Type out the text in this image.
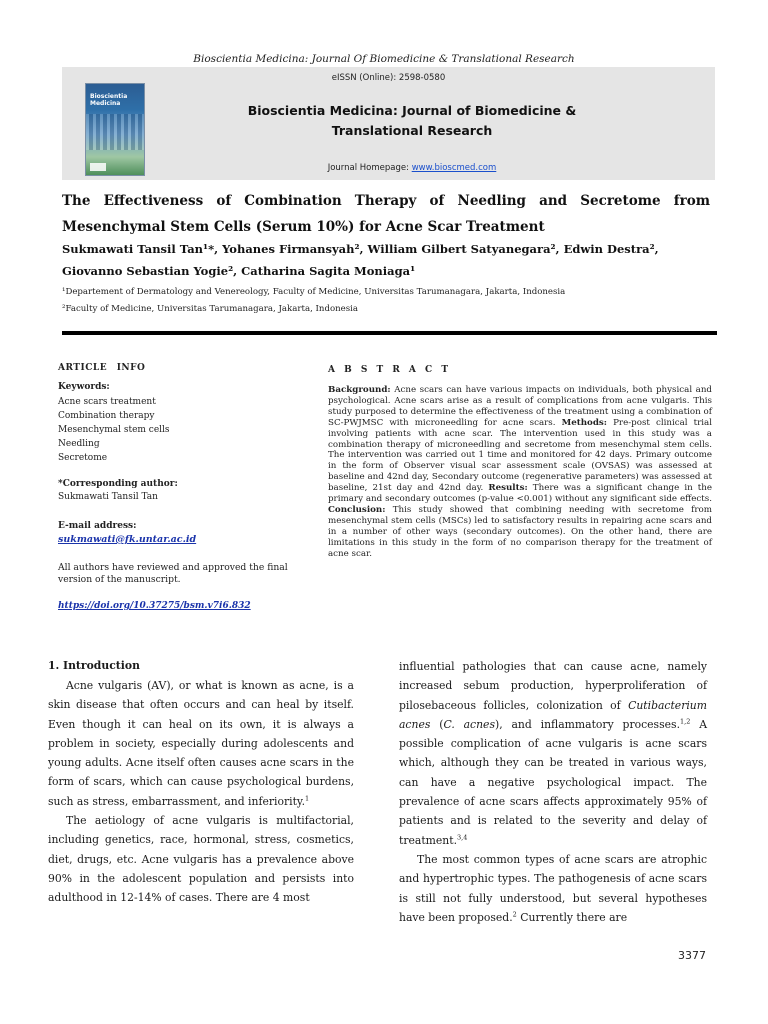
Bioscientia Medicina: Journal Of Biomedicine & Translational Research
eISSN (Online): 2598-0580
Bioscientia Medicina	Bioscientia Medicina: Journal of Biomedicine &
Translational Research
Journal Homepage: www.bioscmed.com
The Effectiveness of Combination Therapy of Needling and Secretome from Mesenchymal Stem Cells (Serum 10%) for Acne Scar Treatment
Sukmawati Tansil Tan¹*, Yohanes Firmansyah², William Gilbert Satyanegara², Edwin Destra²,
Giovanno Sebastian Yogie², Catharina Sagita Moniaga¹
¹Departement of Dermatology and Venereology, Faculty of Medicine, Universitas Tarumanagara, Jakarta, Indonesia
²Faculty of Medicine, Universitas Tarumanagara, Jakarta, Indonesia
ARTICLE INFO
Keywords:
Acne scars treatment
Combination therapy
Mesenchymal stem cells
Needling
Secretome
*Corresponding author:
Sukmawati Tansil Tan
E-mail address:
sukmawati@fk.untar.ac.id
All authors have reviewed and approved the final version of the manuscript.
https://doi.org/10.37275/bsm.v7i6.832
A B S T R A C T
Background: Acne scars can have various impacts on individuals, both physical and psychological. Acne scars arise as a result of complications from acne vulgaris. This study purposed to determine the effectiveness of the treatment using a combination of SC-PWJMSC with microneedling for acne scars. Methods: Pre-post clinical trial involving patients with acne scar. The intervention used in this study was a combination therapy of microneedling and secretome from mesenchymal stem cells. The intervention was carried out 1 time and monitored for 42 days. Primary outcome in the form of Observer visual scar assessment scale (OVSAS) was assessed at baseline and 42nd day, Secondary outcome (regenerative parameters) was assessed at baseline, 21st day and 42nd day. Results: There was a significant change in the primary and secondary outcomes (p-value <0.001) without any significant side effects. Conclusion: This study showed that combining needing with secretome from mesenchymal stem cells (MSCs) led to satisfactory results in repairing acne scars and in a number of other ways (secondary outcomes). On the other hand, there are limitations in this study in the form of no comparison therapy for the treatment of acne scar.
1. Introduction
Acne vulgaris (AV), or what is known as acne, is a skin disease that often occurs and can heal by itself. Even though it can heal on its own, it is always a problem in society, especially during adolescents and young adults. Acne itself often causes acne scars in the form of scars, which can cause psychological burdens, such as stress, embarrassment, and inferiority.$^1$
The aetiology of acne vulgaris is multifactorial, including genetics, race, hormonal, stress, cosmetics, diet, drugs, etc. Acne vulgaris has a prevalence above 90% in the adolescent population and persists into adulthood in 12-14% of cases. There are 4 most
influential pathologies that can cause acne, namely increased sebum production, hyperproliferation of pilosebaceous follicles, colonization of Cutibacterium acnes (C. acnes), and inflammatory processes.$^{1,2}$ A possible complication of acne vulgaris is acne scars which, although they can be treated in various ways, can have a negative psychological impact. The prevalence of acne scars affects approximately 95% of patients and is related to the severity and delay of treatment.$^{3,4}$
The most common types of acne scars are atrophic and hypertrophic types. The pathogenesis of acne scars is still not fully understood, but several hypotheses have been proposed.$^2$ Currently there are
3377
